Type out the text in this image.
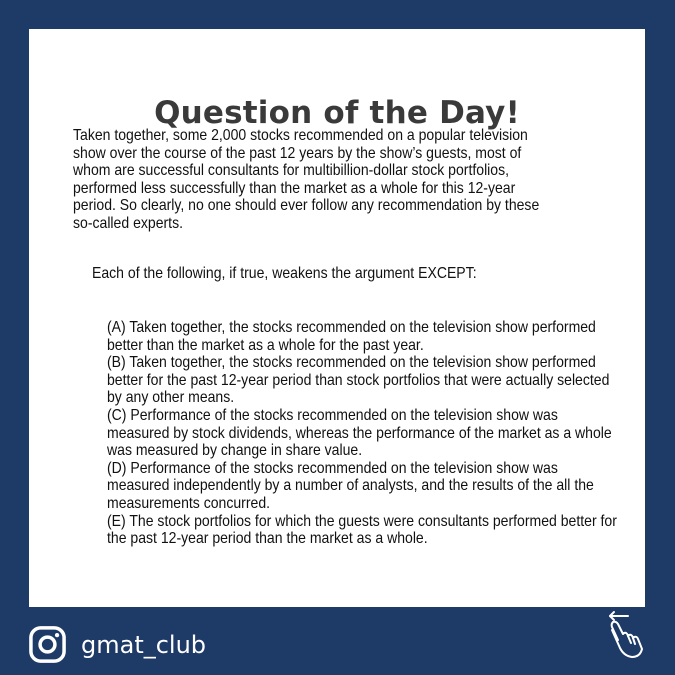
Question of the Day!

Taken together, some 2,000 stocks recommended on a popular television show over the course of the past 12 years by the show’s guests, most of whom are successful consultants for multibillion-dollar stock portfolios, performed less successfully than the market as a whole for this 12-year period. So clearly, no one should ever follow any recommendation by these so-called experts.

Each of the following, if true, weakens the argument EXCEPT:

(A) Taken together, the stocks recommended on the television show performed better than the market as a whole for the past year.
(B) Taken together, the stocks recommended on the television show performed better for the past 12-year period than stock portfolios that were actually selected by any other means.
(C) Performance of the stocks recommended on the television show was measured by stock dividends, whereas the performance of the market as a whole was measured by change in share value.
(D) Performance of the stocks recommended on the television show was measured independently by a number of analysts, and the results of the all the measurements concurred.
(E) The stock portfolios for which the guests were consultants performed better for the past 12-year period than the market as a whole.
gmat_club
